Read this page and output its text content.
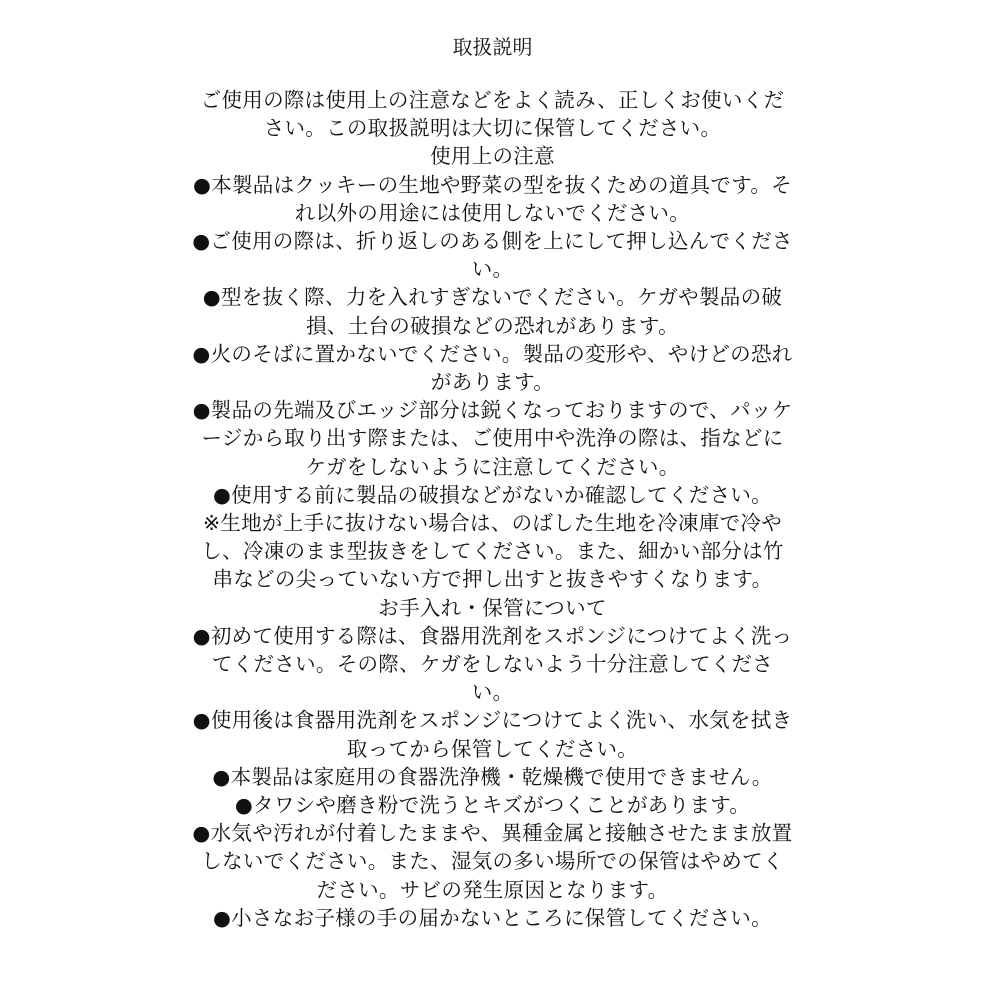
取扱説明
ご使用の際は使用上の注意などをよく読み、正しくお使いくだ
さい。この取扱説明は大切に保管してください。
使用上の注意
●本製品はクッキーの生地や野菜の型を抜くための道具です。そ
れ以外の用途には使用しないでください。
●ご使用の際は、折り返しのある側を上にして押し込んでくださ
い。
●型を抜く際、力を入れすぎないでください。ケガや製品の破
損、土台の破損などの恐れがあります。
●火のそばに置かないでください。製品の変形や、やけどの恐れ
があります。
●製品の先端及びエッジ部分は鋭くなっておりますので、パッケ
ージから取り出す際または、ご使用中や洗浄の際は、指などに
ケガをしないように注意してください。
●使用する前に製品の破損などがないか確認してください。
※生地が上手に抜けない場合は、のばした生地を冷凍庫で冷や
し、冷凍のまま型抜きをしてください。また、細かい部分は竹
串などの尖っていない方で押し出すと抜きやすくなります。
お手入れ・保管について
●初めて使用する際は、食器用洗剤をスポンジにつけてよく洗っ
てください。その際、ケガをしないよう十分注意してくださ
い。
●使用後は食器用洗剤をスポンジにつけてよく洗い、水気を拭き
取ってから保管してください。
●本製品は家庭用の食器洗浄機・乾燥機で使用できません。
●タワシや磨き粉で洗うとキズがつくことがあります。
●水気や汚れが付着したままや、異種金属と接触させたまま放置
しないでください。また、湿気の多い場所での保管はやめてく
ださい。サビの発生原因となります。
●小さなお子様の手の届かないところに保管してください。
